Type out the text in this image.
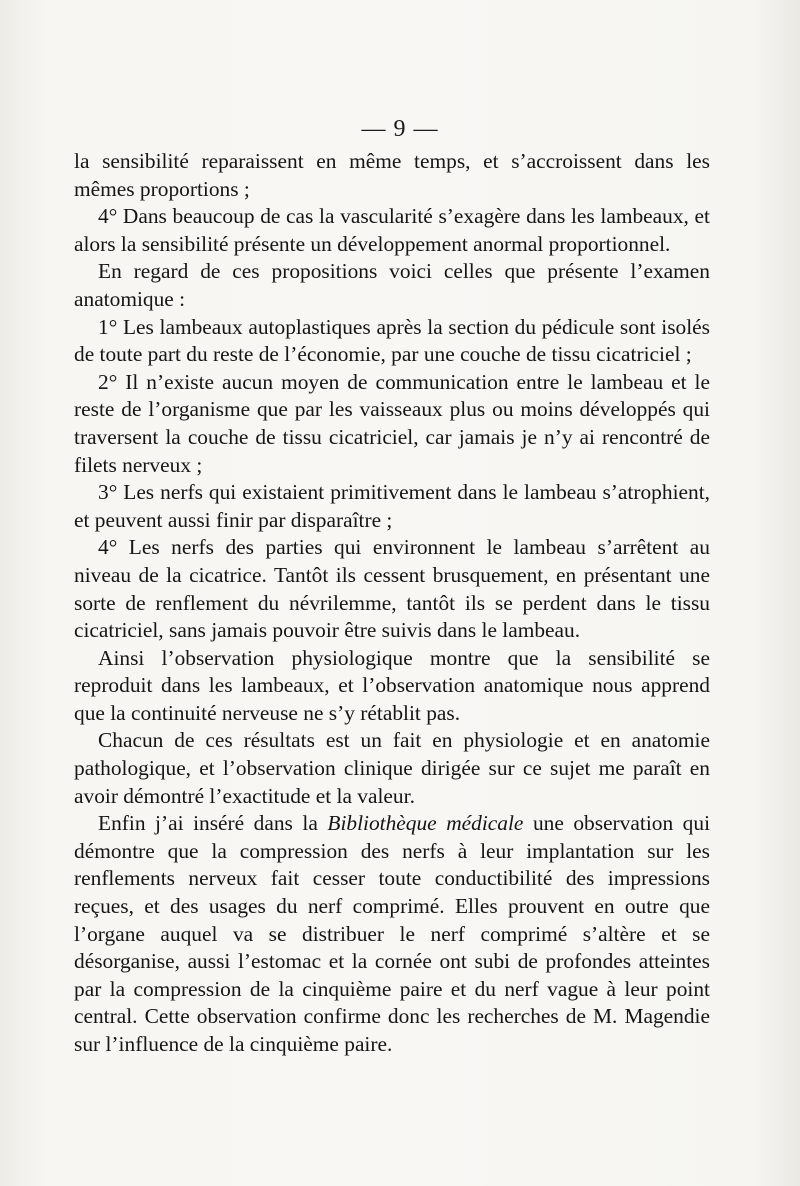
— 9 —

la sensibilité reparaissent en même temps, et s’accroissent dans les mêmes proportions ;

4° Dans beaucoup de cas la vascularité s’exagère dans les lambeaux, et alors la sensibilité présente un développement anormal proportionnel.

En regard de ces propositions voici celles que présente l’examen anatomique :

1° Les lambeaux autoplastiques après la section du pédicule sont isolés de toute part du reste de l’économie, par une couche de tissu cicatriciel ;

2° Il n’existe aucun moyen de communication entre le lambeau et le reste de l’organisme que par les vaisseaux plus ou moins développés qui traversent la couche de tissu cicatriciel, car jamais je n’y ai rencontré de filets nerveux ;

3° Les nerfs qui existaient primitivement dans le lambeau s’atrophient, et peuvent aussi finir par disparaître ;

4° Les nerfs des parties qui environnent le lambeau s’arrêtent au niveau de la cicatrice. Tantôt ils cessent brusquement, en présentant une sorte de renflement du névrilemme, tantôt ils se perdent dans le tissu cicatriciel, sans jamais pouvoir être suivis dans le lambeau.

Ainsi l’observation physiologique montre que la sensibilité se reproduit dans les lambeaux, et l’observation anatomique nous apprend que la continuité nerveuse ne s’y rétablit pas.

Chacun de ces résultats est un fait en physiologie et en anatomie pathologique, et l’observation clinique dirigée sur ce sujet me paraît en avoir démontré l’exactitude et la valeur.

Enfin j’ai inséré dans la Bibliothèque médicale une observation qui démontre que la compression des nerfs à leur implantation sur les renflements nerveux fait cesser toute conductibilité des impressions reçues, et des usages du nerf comprimé. Elles prouvent en outre que l’organe auquel va se distribuer le nerf comprimé s’altère et se désorganise, aussi l’estomac et la cornée ont subi de profondes atteintes par la compression de la cinquième paire et du nerf vague à leur point central. Cette observation confirme donc les recherches de M. Magendie sur l’influence de la cinquième paire.
